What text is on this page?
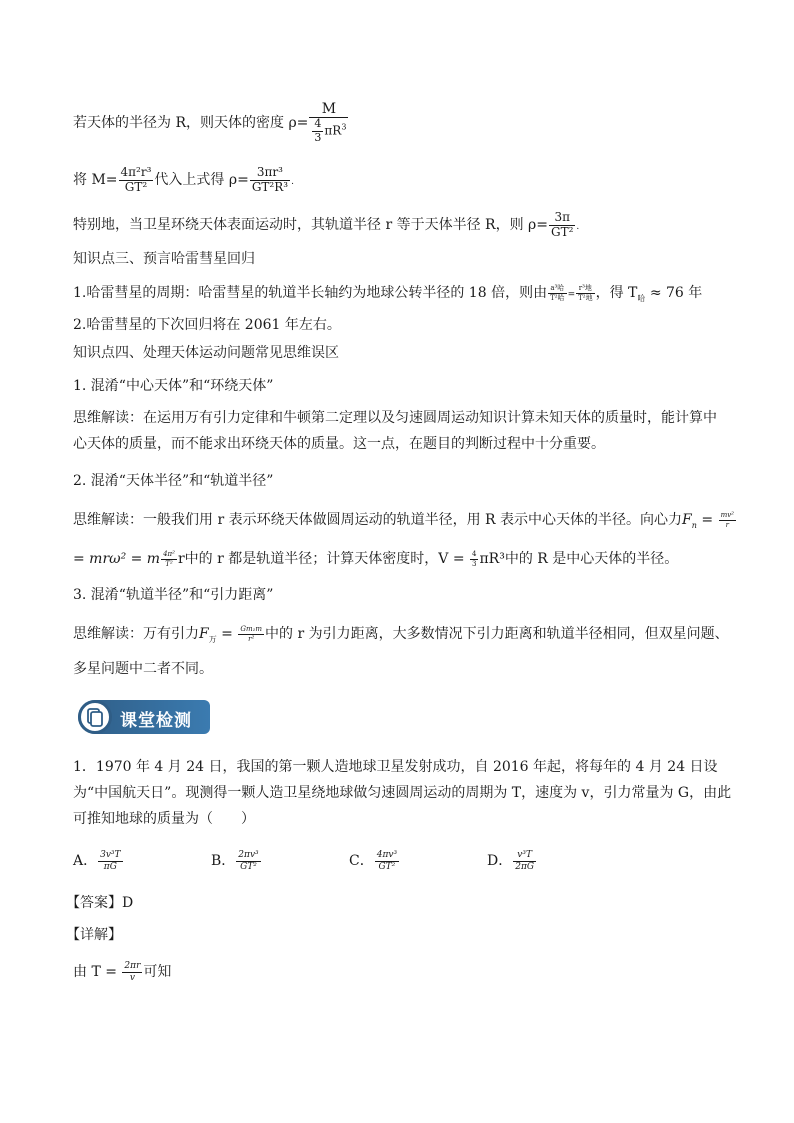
若天体的半径为 R，则天体的密度 $\rho= \frac{M}{\frac{4}{3} \pi R^3}$
将 $M= \frac{\text{4π²r³}}{\text{GT²}}$ 代入上式得 $\rho= \frac{\text{3πr³}}{\text{GT²R³}}$ .
特别地，当卫星环绕天体表面运动时，其轨道半径 r 等于天体半径 R，则 $\rho= \frac{3\pi}{\text{GT²}}$ .
知识点三、预言哈雷彗星回归
1.哈雷彗星的周期：哈雷彗星的轨道半长轴约为地球公转半径的 18 倍，则由 $\frac{\text{a³哈}}{\text{T²哈}} = \frac{\text{r³地}}{\text{T²地}}$ ，得 $T_哈 \approx 76$ 年
2.哈雷彗星的下次回归将在 2061 年左右。
知识点四、处理天体运动问题常见思维误区
1. 混淆“中心天体”和“环绕天体”
思维解读：在运用万有引力定律和牛顿第二定理以及匀速圆周运动知识计算未知天体的质量时，能计算中心天体的质量，而不能求出环绕天体的质量。这一点，在题目的判断过程中十分重要。
2. 混淆“天体半径”和“轨道半径”
思维解读：一般我们用 r 表示环绕天体做圆周运动的轨道半径，用 R 表示中心天体的半径。向心力$F_n = \frac{\text{mv²}}{r}$
= mrω² = m $\frac{\text{4π²}}{\text{T²}}$ r中的 r 都是轨道半径；计算天体密度时，$V = \frac{4}{3} \pi R^3$中的 R 是中心天体的半径。
3. 混淆“轨道半径”和“引力距离”
思维解读：万有引力$F_万 = \frac{\text{Gm₁m}}{\text{r²}}$ 中的 r 为引力距离，大多数情况下引力距离和轨道半径相同，但双星问题、
多星问题中二者不同。
课堂检测
1．1970 年 4 月 24 日，我国的第一颗人造地球卫星发射成功，自 2016 年起，将每年的 4 月 24 日设为“中国航天日”。现测得一颗人造卫星绕地球做匀速圆周运动的周期为 T，速度为 v，引力常量为 G，由此可推知地球的质量为（　　）
A． $\frac{\text{3v³T}}{\pi G}$	B． $\frac{\text{2πv³}}{\text{GT²}}$	C． $\frac{\text{4πv³}}{\text{GT²}}$	D． $\frac{\text{v³T}}{2\pi G}$
【答案】D
【详解】
由 $T = \frac{2\pi r}{v}$ 可知
